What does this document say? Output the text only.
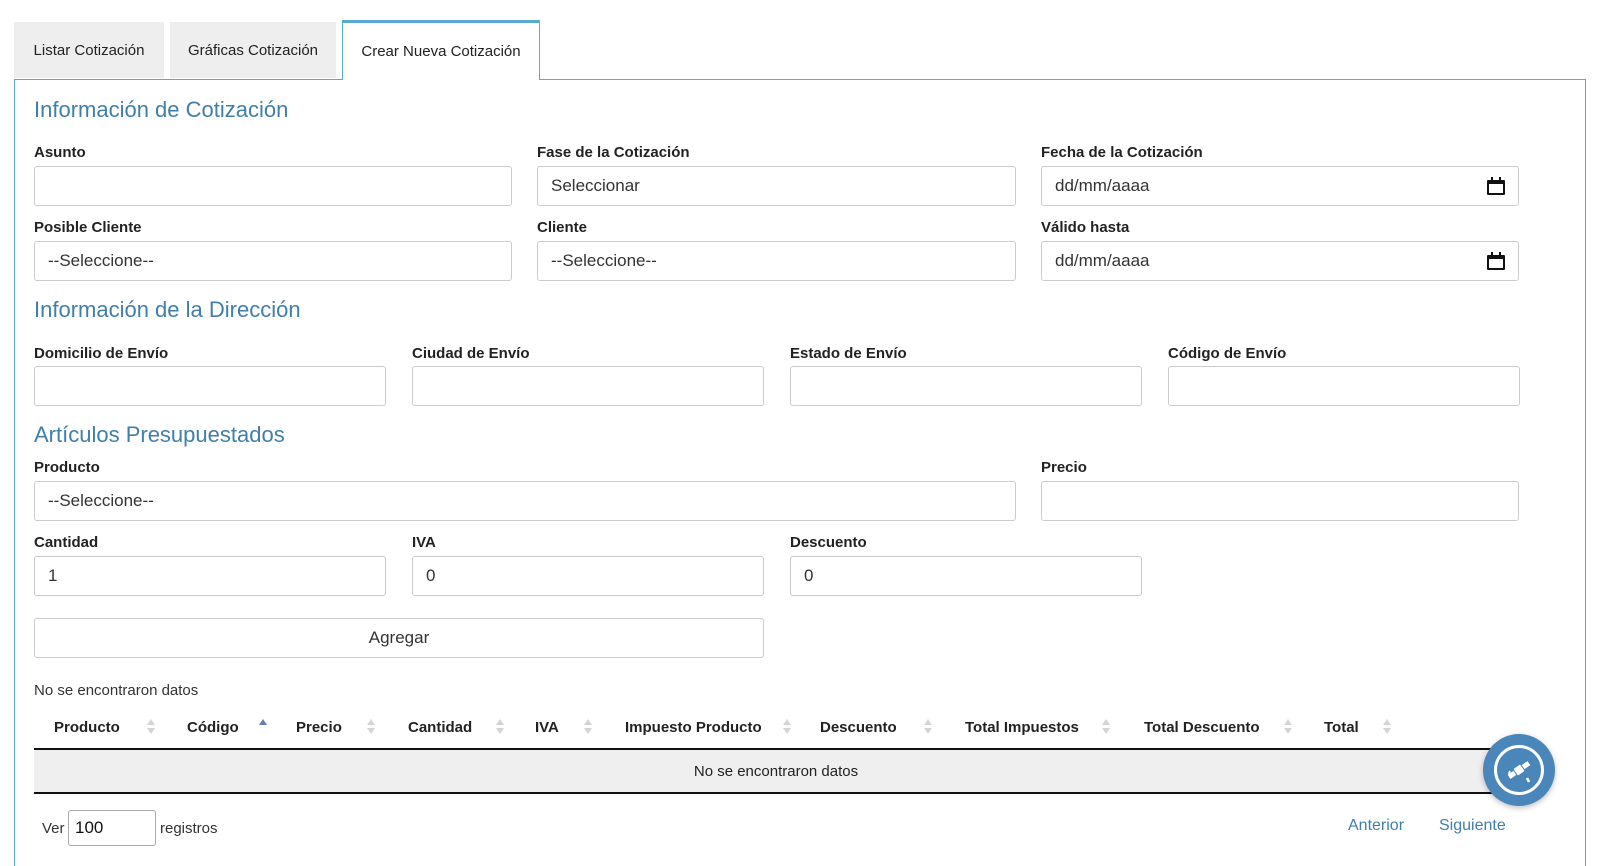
Listar Cotización	Gráficas Cotización	Crear Nueva Cotización
Información de Cotización
Asunto	Fase de la Cotización
Seleccionar
Fecha de la Cotización
dd/mm/aaaa
Posible Cliente
--Seleccione--
Cliente
--Seleccione--
Válido hasta
dd/mm/aaaa
Información de la Dirección
Domicilio de Envío	Ciudad de Envío	Estado de Envío	Código de Envío
Artículos Presupuestados
Producto
--Seleccione--
Precio
Cantidad
1
IVA
0
Descuento
0
Agregar
No se encontraron datos
Producto	Código	Precio	Cantidad	IVA	Impuesto Producto	Descuento	Total Impuestos	Total Descuento	Total
No se encontraron datos
Ver 100	registros	Anterior Siguiente
